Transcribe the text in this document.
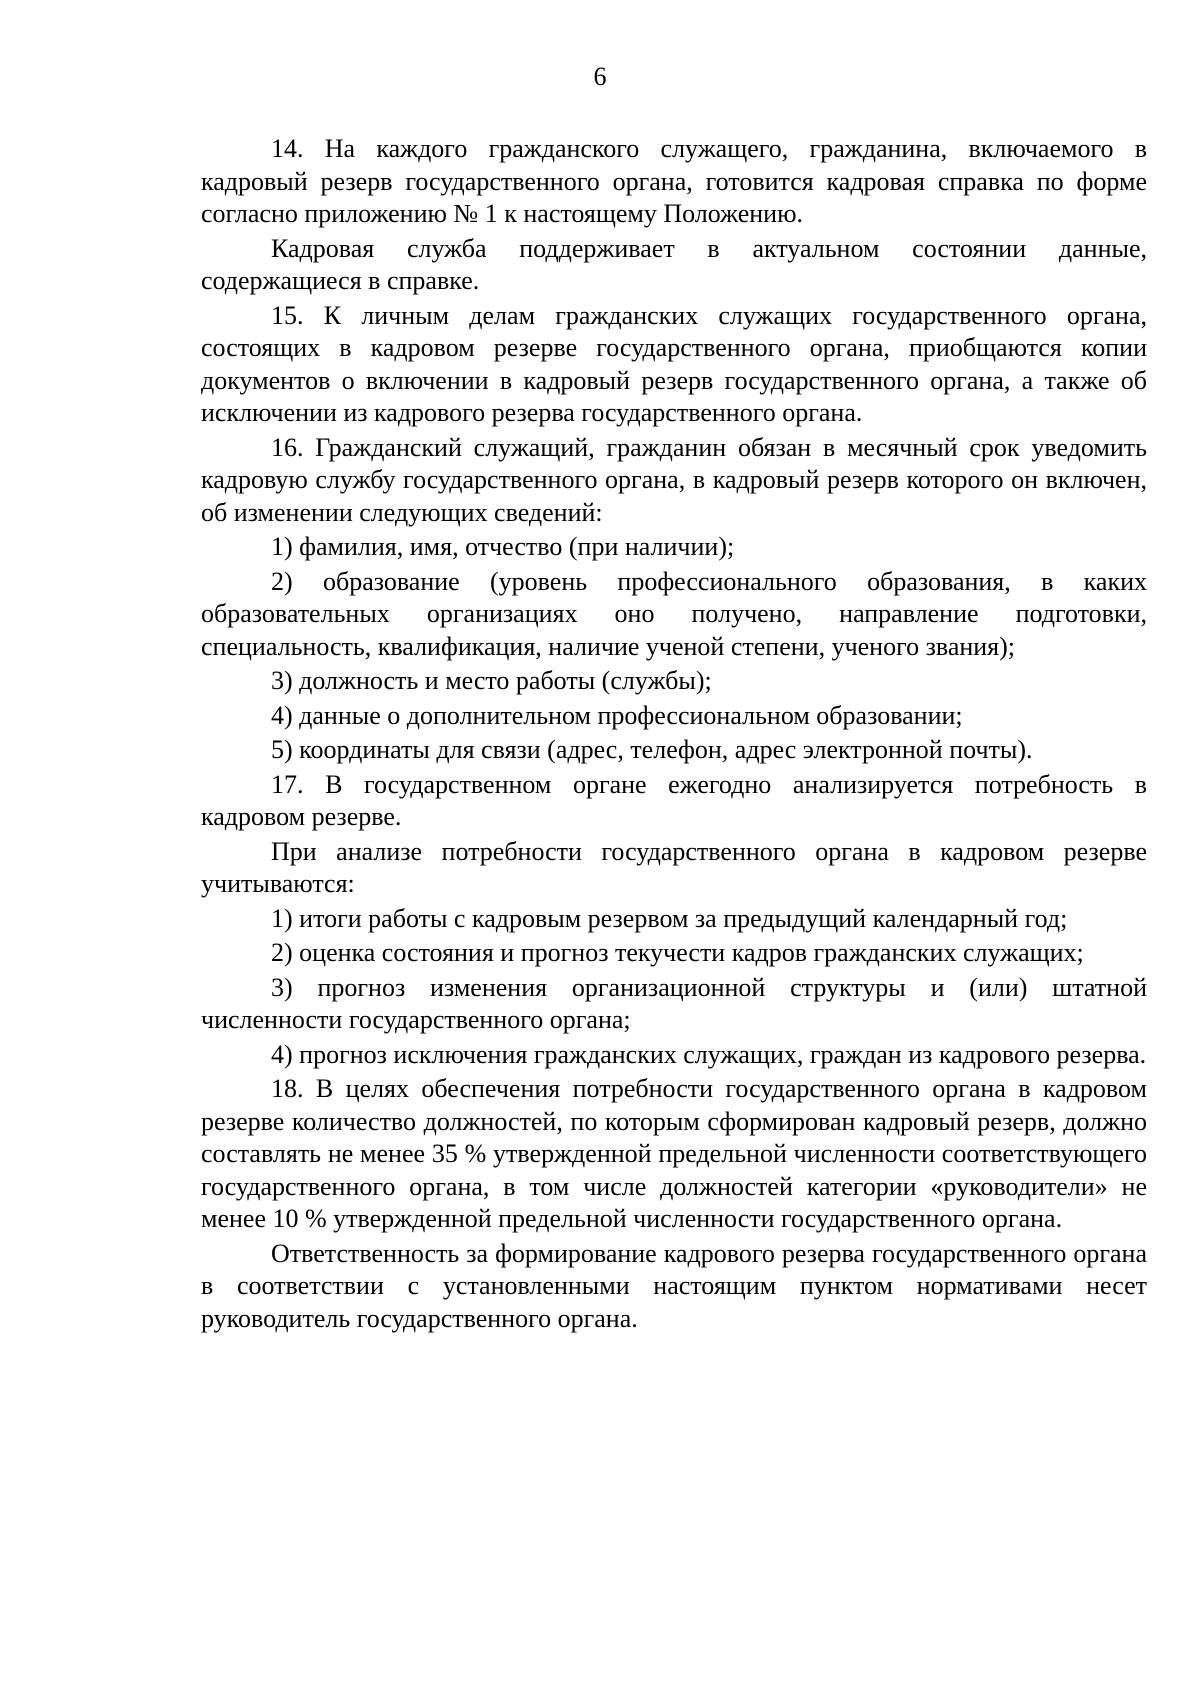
6

14. На каждого гражданского служащего, гражданина, включаемого в кадровый резерв государственного органа, готовится кадровая справка по форме согласно приложению № 1 к настоящему Положению.

Кадровая служба поддерживает в актуальном состоянии данные, содержащиеся в справке.

15. К личным делам гражданских служащих государственного органа, состоящих в кадровом резерве государственного органа, приобщаются копии документов о включении в кадровый резерв государственного органа, а также об исключении из кадрового резерва государственного органа.

16. Гражданский служащий, гражданин обязан в месячный срок уведомить кадровую службу государственного органа, в кадровый резерв которого он включен, об изменении следующих сведений:

1) фамилия, имя, отчество (при наличии);

2) образование (уровень профессионального образования, в каких образовательных организациях оно получено, направление подготовки, специальность, квалификация, наличие ученой степени, ученого звания);

3) должность и место работы (службы);

4) данные о дополнительном профессиональном образовании;

5) координаты для связи (адрес, телефон, адрес электронной почты).

17. В государственном органе ежегодно анализируется потребность в кадровом резерве.

При анализе потребности государственного органа в кадровом резерве учитываются:

1) итоги работы с кадровым резервом за предыдущий календарный год;

2) оценка состояния и прогноз текучести кадров гражданских служащих;

3) прогноз изменения организационной структуры и (или) штатной численности государственного органа;

4) прогноз исключения гражданских служащих, граждан из кадрового резерва.

18. В целях обеспечения потребности государственного органа в кадровом резерве количество должностей, по которым сформирован кадровый резерв, должно составлять не менее 35 % утвержденной предельной численности соответствующего государственного органа, в том числе должностей категории «руководители» не менее 10 % утвержденной предельной численности государственного органа.

Ответственность за формирование кадрового резерва государственного органа в соответствии с установленными настоящим пунктом нормативами несет руководитель государственного органа.
